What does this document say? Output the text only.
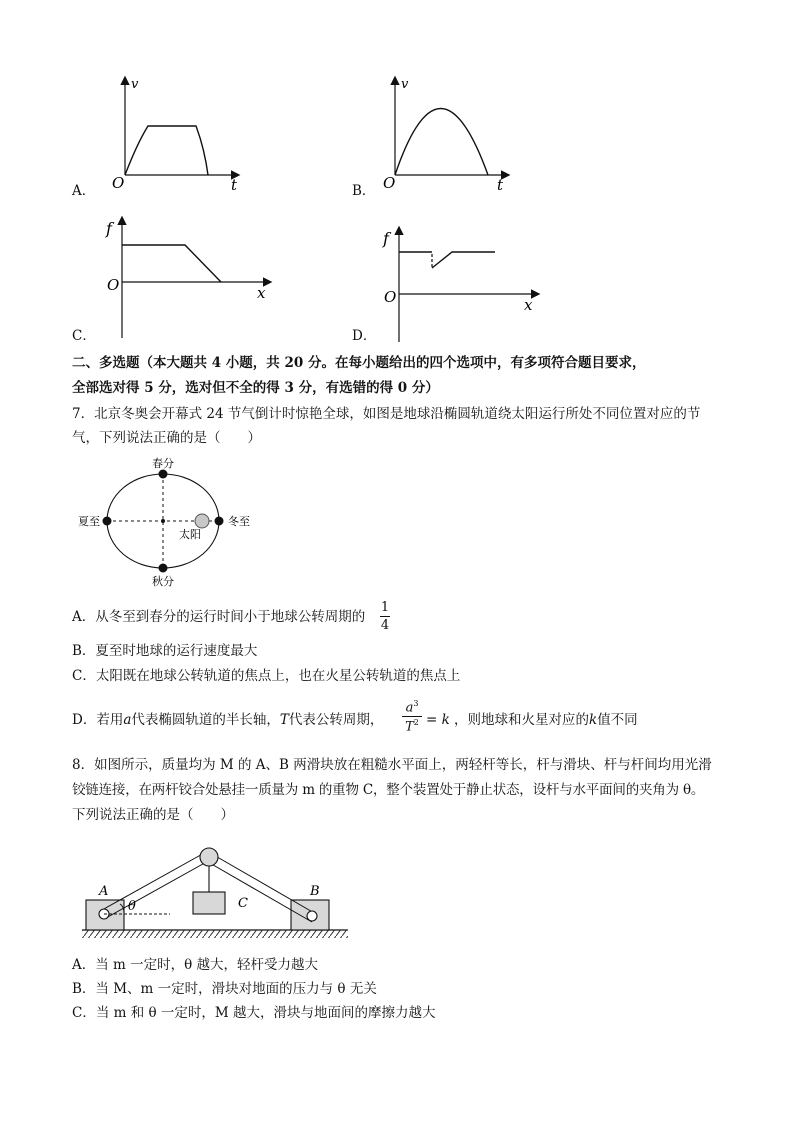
v
O	t
A．
v
O	t
B．
f
O	x
C．
f
O	x
D．
二、多选题（本大题共 4 小题，共 20 分。在每小题给出的四个选项中，有多项符合题目要求，
全部选对得 5 分，选对但不全的得 3 分，有选错的得 0 分）
7．北京冬奥会开幕式 24 节气倒计时惊艳全球，如图是地球沿椭圆轨道绕太阳运行所处不同位置对应的节
气，下列说法正确的是（　　）
春分
夏至	冬至
秋分
太阳
A．从冬至到春分的运行时间小于地球公转周期的
1
4
B．夏至时地球的运行速度最大
C．太阳既在地球公转轨道的焦点上，也在火星公转轨道的焦点上
D．若用a代表椭圆轨道的半长轴，T代表公转周期，
$a^3$
$T^2 = k$ ，则地球和火星对应的k值不同
8．如图所示，质量均为 M 的 A、B 两滑块放在粗糙水平面上，两轻杆等长，杆与滑块、杆与杆间均用光滑
铰链连接，在两杆铰合处悬挂一质量为 m 的重物 C，整个装置处于静止状态，设杆与水平面间的夹角为 θ。
下列说法正确的是（　　）
A	B
C
θ
A．当 m 一定时，θ 越大，轻杆受力越大
B．当 M、m 一定时，滑块对地面的压力与 θ 无关
C．当 m 和 θ 一定时，M 越大，滑块与地面间的摩擦力越大
